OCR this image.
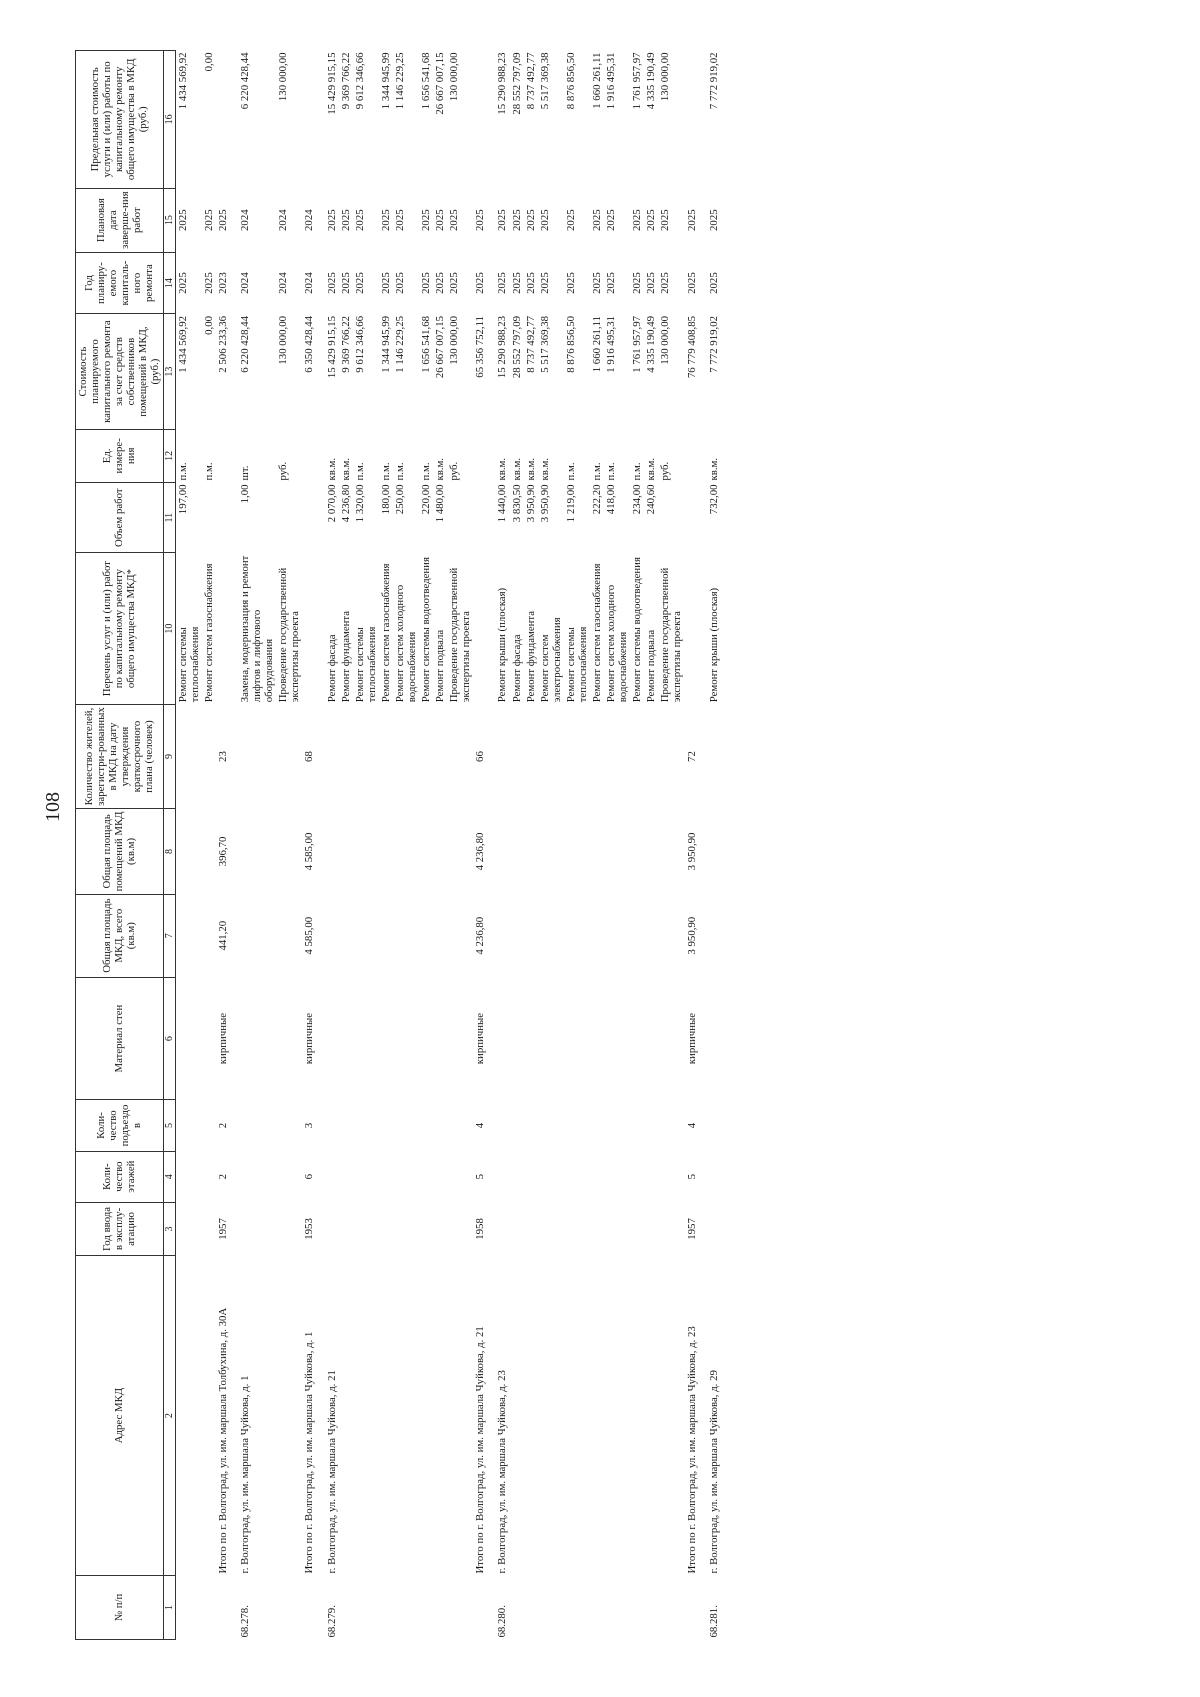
108
№ п/п	Адрес МКД	Год ввода в эксплу-атацию	Коли-чество этажей	Коли-чество подъездо в	Материал стен	Общая площадь МКД, всего (кв.м)	Общая площадь помещений МКД (кв.м)	Количество жителей, зарегистри-рованных в МКД на дату утверждения краткосрочного плана (человек)	Перечень услуг и (или) работ по капитальному ремонту общего имущества МКД*	Объем работ	Ед. измере-ния	Стоимость планируемого капитального ремонта за счет средств собственников помещений в МКД, (руб.)	Год планиру-емого капиталь-ного ремонта	Плановая дата заверше-ния работ	Предельная стоимость услуги и (или) работы по капитальному ремонту общего имущества в МКД (руб.)
1	2	3	4	5	6	7	8	9	10	11	12	13	14	15	16
									Ремонт системы теплоснабжения	197,00	п.м.	1 434 569,92	2025	2025	1 434 569,92
									Ремонт систем газоснабжения		п.м.	0,00	2025	2025	0,00
	Итого по г. Волгоград, ул. им. маршала Толбухина, д. 30А	1957	2	2	кирпичные	441,20	396,70	23				2 506 233,36	2023	2025	
68.278.	г. Волгоград, ул. им. маршала Чуйкова, д. 1								Замена, модернизация и ремонт лифтов и лифтового оборудования	1,00	шт.	6 220 428,44	2024	2024	6 220 428,44
									Проведение государственной экспертизы проекта		руб.	130 000,00	2024	2024	130 000,00
	Итого по г. Волгоград, ул. им. маршала Чуйкова, д. 1	1953	6	3	кирпичные	4 585,00	4 585,00	68				6 350 428,44	2024	2024	
68.279.	г. Волгоград, ул. им. маршала Чуйкова, д. 21								Ремонт фасада	2 070,00	кв.м.	15 429 915,15	2025	2025	15 429 915,15
									Ремонт фундамента	4 236,80	кв.м.	9 369 766,22	2025	2025	9 369 766,22
									Ремонт системы теплоснабжения	1 320,00	п.м.	9 612 346,66	2025	2025	9 612 346,66
									Ремонт систем газоснабжения	180,00	п.м.	1 344 945,99	2025	2025	1 344 945,99
									Ремонт систем холодного водоснабжения	250,00	п.м.	1 146 229,25	2025	2025	1 146 229,25
									Ремонт системы водоотведения	220,00	п.м.	1 656 541,68	2025	2025	1 656 541,68
									Ремонт подвала	1 480,00	кв.м.	26 667 007,15	2025	2025	26 667 007,15
									Проведение государственной экспертизы проекта		руб.	130 000,00	2025	2025	130 000,00
	Итого по г. Волгоград, ул. им. маршала Чуйкова, д. 21	1958	5	4	кирпичные	4 236,80	4 236,80	66				65 356 752,11	2025	2025	
68.280.	г. Волгоград, ул. им. маршала Чуйкова, д. 23								Ремонт крыши (плоская)	1 440,00	кв.м.	15 290 988,23	2025	2025	15 290 988,23
									Ремонт фасада	3 830,50	кв.м.	28 552 797,09	2025	2025	28 552 797,09
									Ремонт фундамента	3 950,90	кв.м.	8 737 492,77	2025	2025	8 737 492,77
									Ремонт систем электроснабжения	3 950,90	кв.м.	5 517 369,38	2025	2025	5 517 369,38
									Ремонт системы теплоснабжения	1 219,00	п.м.	8 876 856,50	2025	2025	8 876 856,50
									Ремонт систем газоснабжения	222,20	п.м.	1 660 261,11	2025	2025	1 660 261,11
									Ремонт систем холодного водоснабжения	418,00	п.м.	1 916 495,31	2025	2025	1 916 495,31
									Ремонт системы водоотведения	234,00	п.м.	1 761 957,97	2025	2025	1 761 957,97
									Ремонт подвала	240,60	кв.м.	4 335 190,49	2025	2025	4 335 190,49
									Проведение государственной экспертизы проекта		руб.	130 000,00	2025	2025	130 000,00
	Итого по г. Волгоград, ул. им. маршала Чуйкова, д. 23	1957	5	4	кирпичные	3 950,90	3 950,90	72				76 779 408,85	2025	2025	
68.281.	г. Волгоград, ул. им. маршала Чуйкова, д. 29								Ремонт крыши (плоская)	732,00	кв.м.	7 772 919,02	2025	2025	7 772 919,02
